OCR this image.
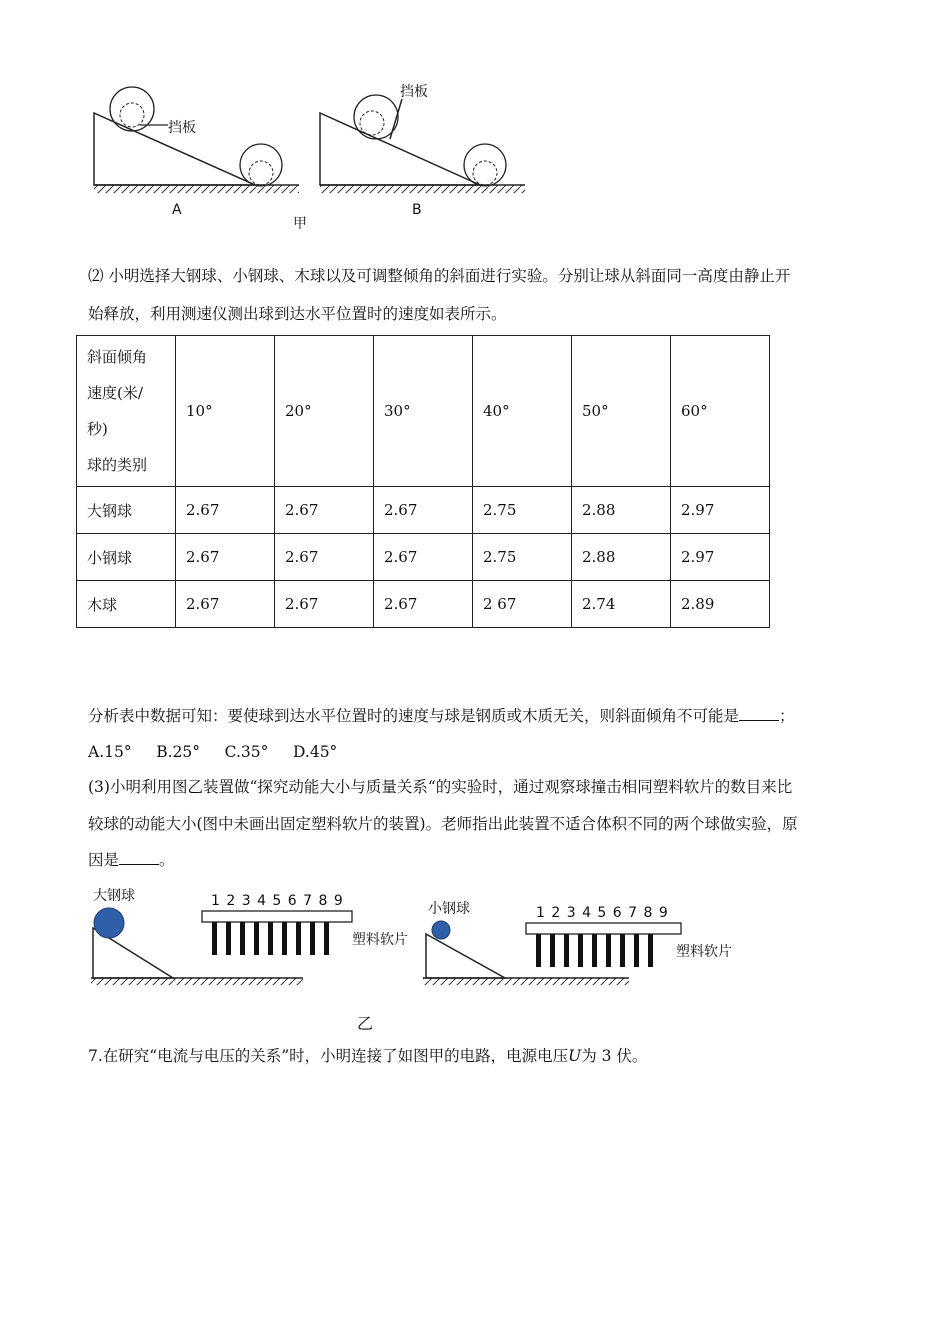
挡板
挡板
A	B
甲
⑵ 小明选择大钢球、小钢球、木球以及可调整倾角的斜面进行实验。分别让球从斜面同一高度由静止开
始释放，利用测速仪测出球到达水平位置时的速度如表所示。
斜面倾角
速度(米/
秒)
球的类别	10°	20°	30°	40°	50°	60°
大钢球	2.67	2.67	2.67	2.75	2.88	2.97
小钢球	2.67	2.67	2.67	2.75	2.88	2.97
木球	2.67	2.67	2.67	2 67	2.74	2.89
分析表中数据可知：要使球到达水平位置时的速度与球是钢质或木质无关，则斜面倾角不可能是	；
A.15° B.25° C.35° D.45°
(3)小明利用图乙装置做“探究动能大小与质量关系“的实验时，通过观察球撞击相同塑料软片的数目来比
较球的动能大小(图中未画出固定塑料软片的装置)。老师指出此装置不适合体积不同的两个球做实验，原
因是	。
大钢球
小钢球
1 2 3 4 5 6 7 8 9
1 2 3 4 5 6 7 8 9
塑料软片
塑料软片
乙
7.在研究“电流与电压的关系”时，小明连接了如图甲的电路，电源电压U为 3 伏。
